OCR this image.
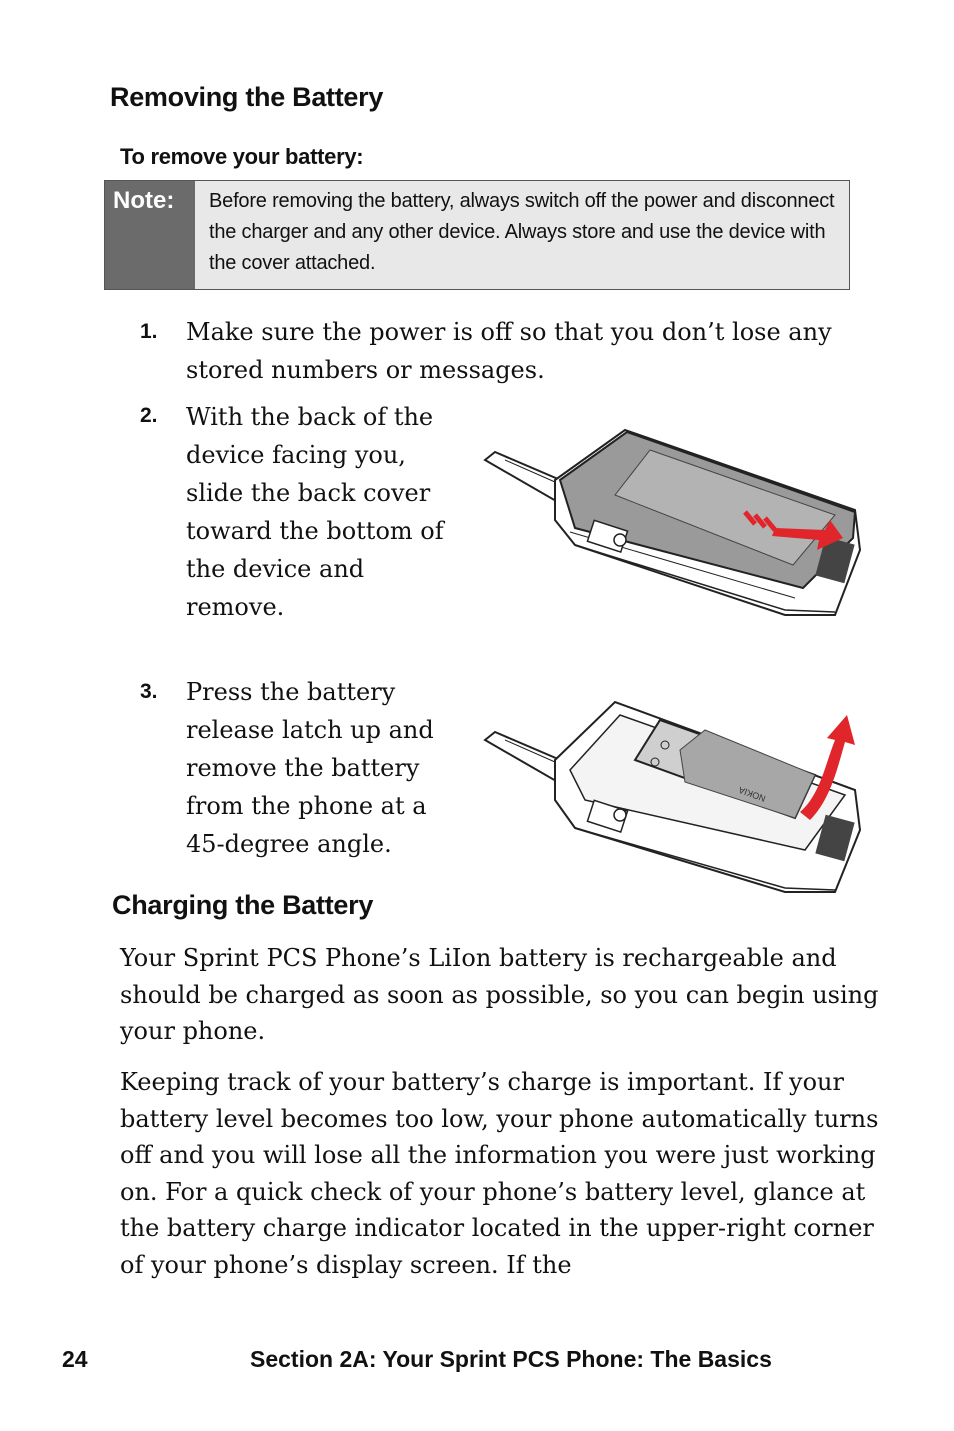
Removing the Battery
To remove your battery:
Note:	Before removing the battery, always switch off the power and disconnect the charger and any other device. Always store and use the device with the cover attached.
1. Make sure the power is off so that you don’t lose any stored numbers or messages.
2. With the back of the device facing you, slide the back cover toward the bottom of the device and remove.
3. Press the battery release latch up and remove the battery from the phone at a 45-degree angle.
NOKIA
Charging the Battery
Your Sprint PCS Phone’s LiIon battery is rechargeable and should be charged as soon as possible, so you can begin using your phone.
Keeping track of your battery’s charge is important. If your battery level becomes too low, your phone automatically turns off and you will lose all the information you were just working on. For a quick check of your phone’s battery level, glance at the battery charge indicator located in the upper-right corner of your phone’s display screen. If the
24	Section 2A: Your Sprint PCS Phone: The Basics
